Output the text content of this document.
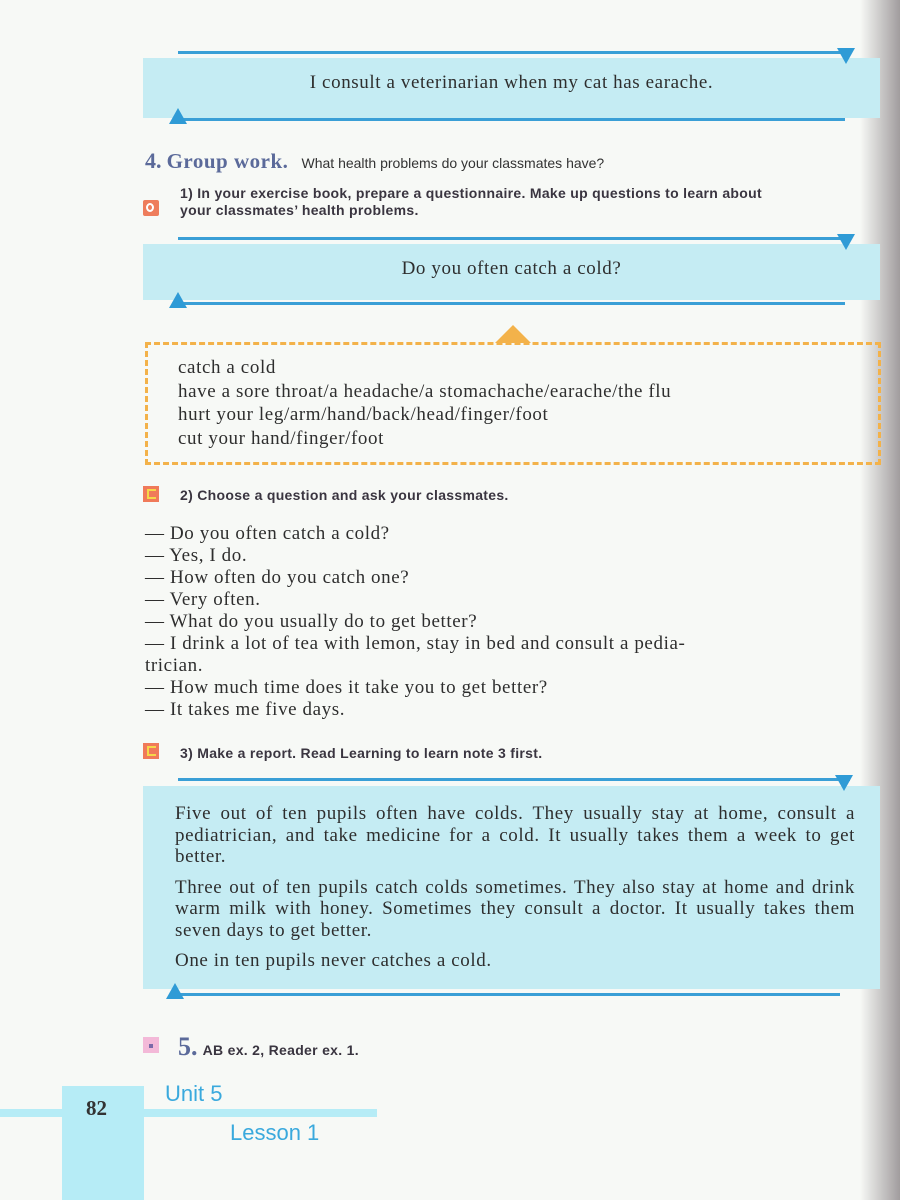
I consult a veterinarian when my cat has earache.
4. Group work. What health problems do your classmates have?
1) In your exercise book, prepare a questionnaire. Make up questions to learn about
your classmates’ health problems.
Do you often catch a cold?
catch a cold
have a sore throat/a headache/a stomachache/earache/the flu
hurt your leg/arm/hand/back/head/finger/foot
cut your hand/finger/foot
2) Choose a question and ask your classmates.
— Do you often catch a cold?
— Yes, I do.
— How often do you catch one?
— Very often.
— What do you usually do to get better?
— I drink a lot of tea with lemon, stay in bed and consult a pedia-
trician.
— How much time does it take you to get better?
— It takes me five days.
3) Make a report. Read Learning to learn note 3 first.

Five out of ten pupils often have colds. They usually stay at home, consult a pediatrician, and take medicine for a cold. It usually takes them a week to get better.

Three out of ten pupils catch colds sometimes. They also stay at home and drink warm milk with honey. Sometimes they consult a doctor. It usually takes them seven days to get better.

One in ten pupils never catches a cold.

5. AB ex. 2, Reader ex. 1.
82
Unit 5
Lesson 1
